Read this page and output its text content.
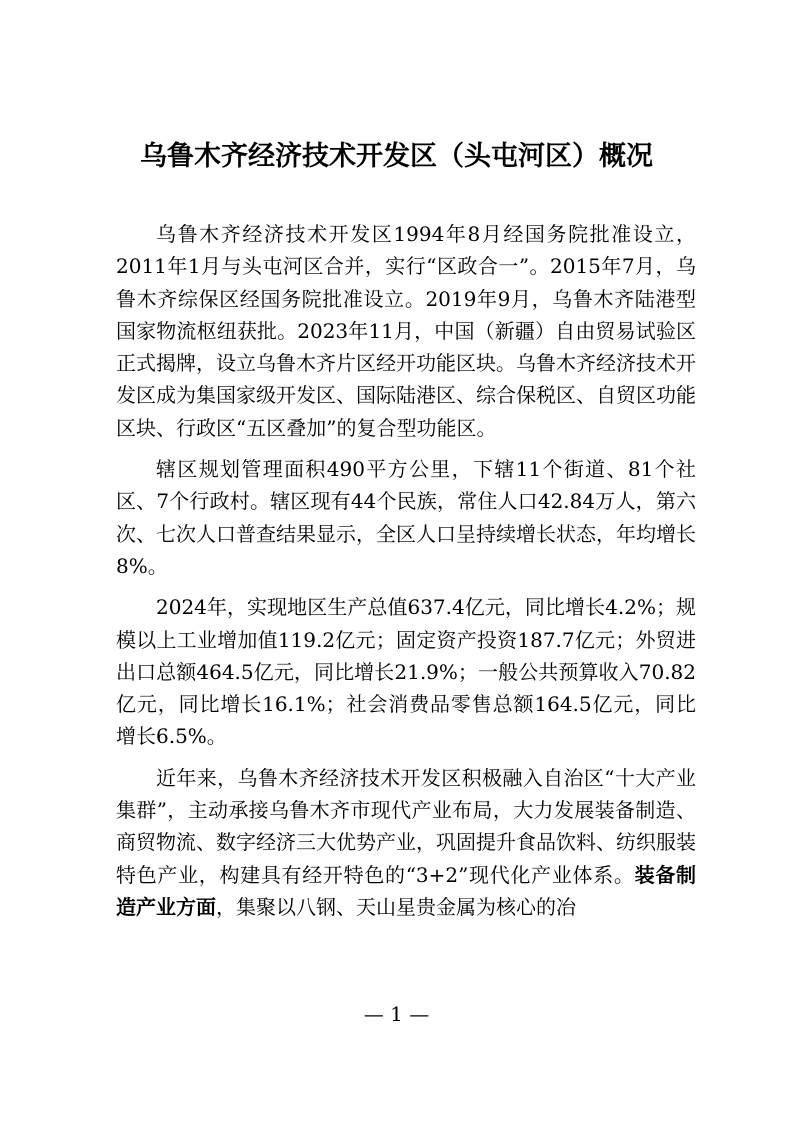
乌鲁木齐经济技术开发区（头屯河区）概况

乌鲁木齐经济技术开发区1994年8月经国务院批准设立，2011年1月与头屯河区合并，实行“区政合一”。2015年7月，乌鲁木齐综保区经国务院批准设立。2019年9月，乌鲁木齐陆港型国家物流枢纽获批。2023年11月，中国（新疆）自由贸易试验区正式揭牌，设立乌鲁木齐片区经开功能区块。乌鲁木齐经济技术开发区成为集国家级开发区、国际陆港区、综合保税区、自贸区功能区块、行政区“五区叠加”的复合型功能区。

辖区规划管理面积490平方公里，下辖11个街道、81个社区、7个行政村。辖区现有44个民族，常住人口42.84万人，第六次、七次人口普查结果显示，全区人口呈持续增长状态，年均增长8%。

2024年，实现地区生产总值637.4亿元，同比增长4.2%；规模以上工业增加值119.2亿元；固定资产投资187.7亿元；外贸进出口总额464.5亿元，同比增长21.9%；一般公共预算收入70.82亿元，同比增长16.1%；社会消费品零售总额164.5亿元，同比增长6.5%。

近年来，乌鲁木齐经济技术开发区积极融入自治区“十大产业集群”，主动承接乌鲁木齐市现代产业布局，大力发展装备制造、商贸物流、数字经济三大优势产业，巩固提升食品饮料、纺织服装特色产业，构建具有经开特色的“3+2”现代化产业体系。装备制造产业方面，集聚以八钢、天山星贵金属为核心的冶

— 1 —
